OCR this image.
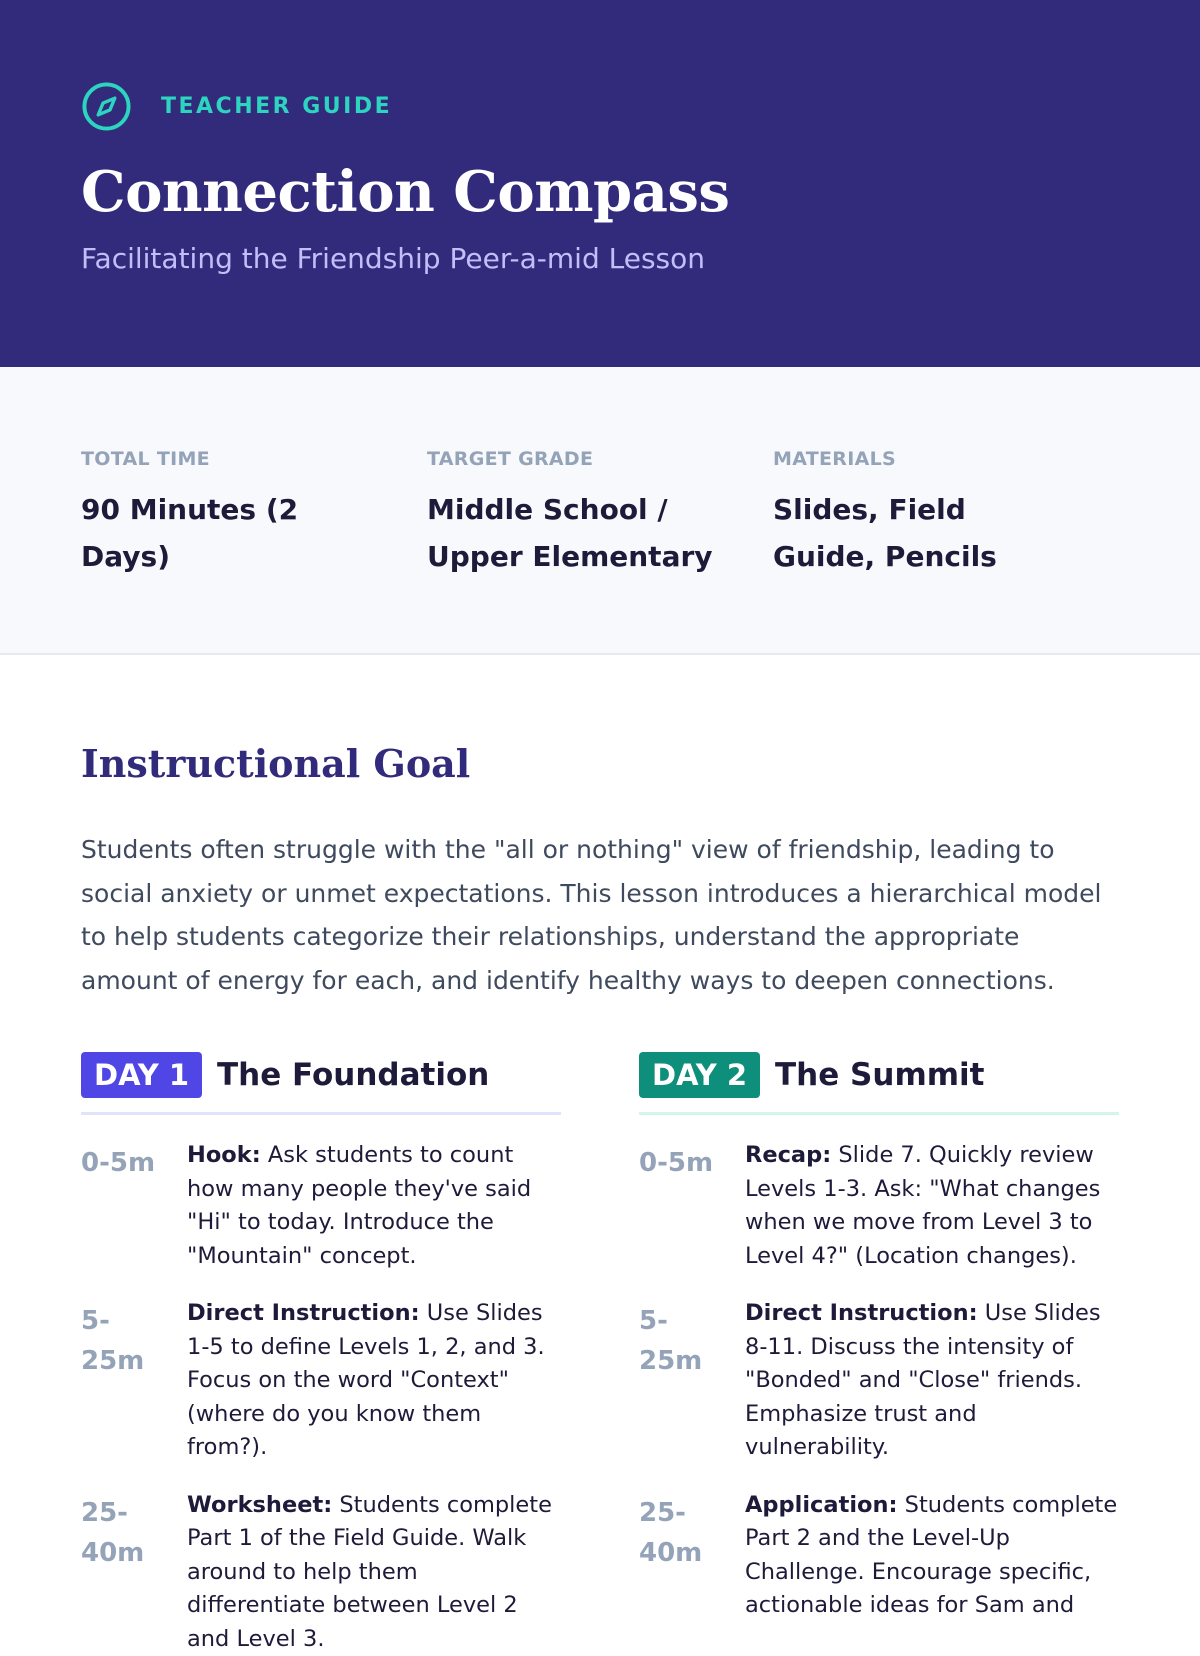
TEACHER GUIDE
Connection Compass
Facilitating the Friendship Peer-a-mid Lesson
TOTAL TIME
90 Minutes (2 Days)
TARGET GRADE
Middle School / Upper Elementary
MATERIALS
Slides, Field Guide, Pencils
Instructional Goal

Students often struggle with the "all or nothing" view of friendship, leading to social anxiety or unmet expectations. This lesson introduces a hierarchical model to help students categorize their relationships, understand the appropriate amount of energy for each, and identify healthy ways to deepen connections.

DAY 1 The Foundation
0-5m	Hook: Ask students to count how many people they've said "Hi" to today. Introduce the "Mountain" concept.
5-
25m
Direct Instruction: Use Slides 1-5 to define Levels 1, 2, and 3. Focus on the word "Context" (where do you know them from?).
25-
40m
Worksheet: Students complete Part 1 of the Field Guide. Walk around to help them differentiate between Level 2 and Level 3.
DAY 2 The Summit
0-5m	Recap: Slide 7. Quickly review Levels 1-3. Ask: "What changes when we move from Level 3 to Level 4?" (Location changes).
5-
25m
Direct Instruction: Use Slides 8-11. Discuss the intensity of "Bonded" and "Close" friends. Emphasize trust and vulnerability.
25-
40m
Application: Students complete Part 2 and the Level-Up Challenge. Encourage specific, actionable ideas for Sam and
